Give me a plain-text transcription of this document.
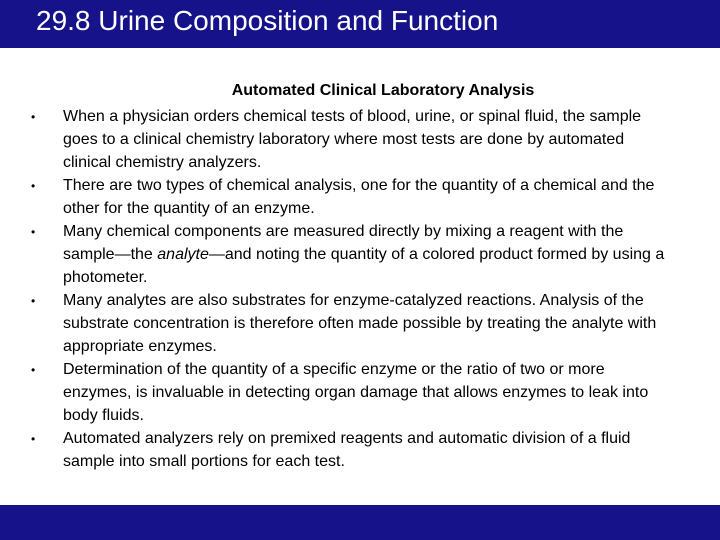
29.8 Urine Composition and Function
Automated Clinical Laboratory Analysis
• When a physician orders chemical tests of blood, urine, or spinal fluid, the sample goes to a clinical chemistry laboratory where most tests are done by automated clinical chemistry analyzers.
• There are two types of chemical analysis, one for the quantity of a chemical and the other for the quantity of an enzyme.
• Many chemical components are measured directly by mixing a reagent with the sample—the analyte—and noting the quantity of a colored product formed by using a photometer.
• Many analytes are also substrates for enzyme-catalyzed reactions. Analysis of the substrate concentration is therefore often made possible by treating the analyte with appropriate enzymes.
• Determination of the quantity of a specific enzyme or the ratio of two or more enzymes, is invaluable in detecting organ damage that allows enzymes to leak into body fluids.
• Automated analyzers rely on premixed reagents and automatic division of a fluid sample into small portions for each test.
